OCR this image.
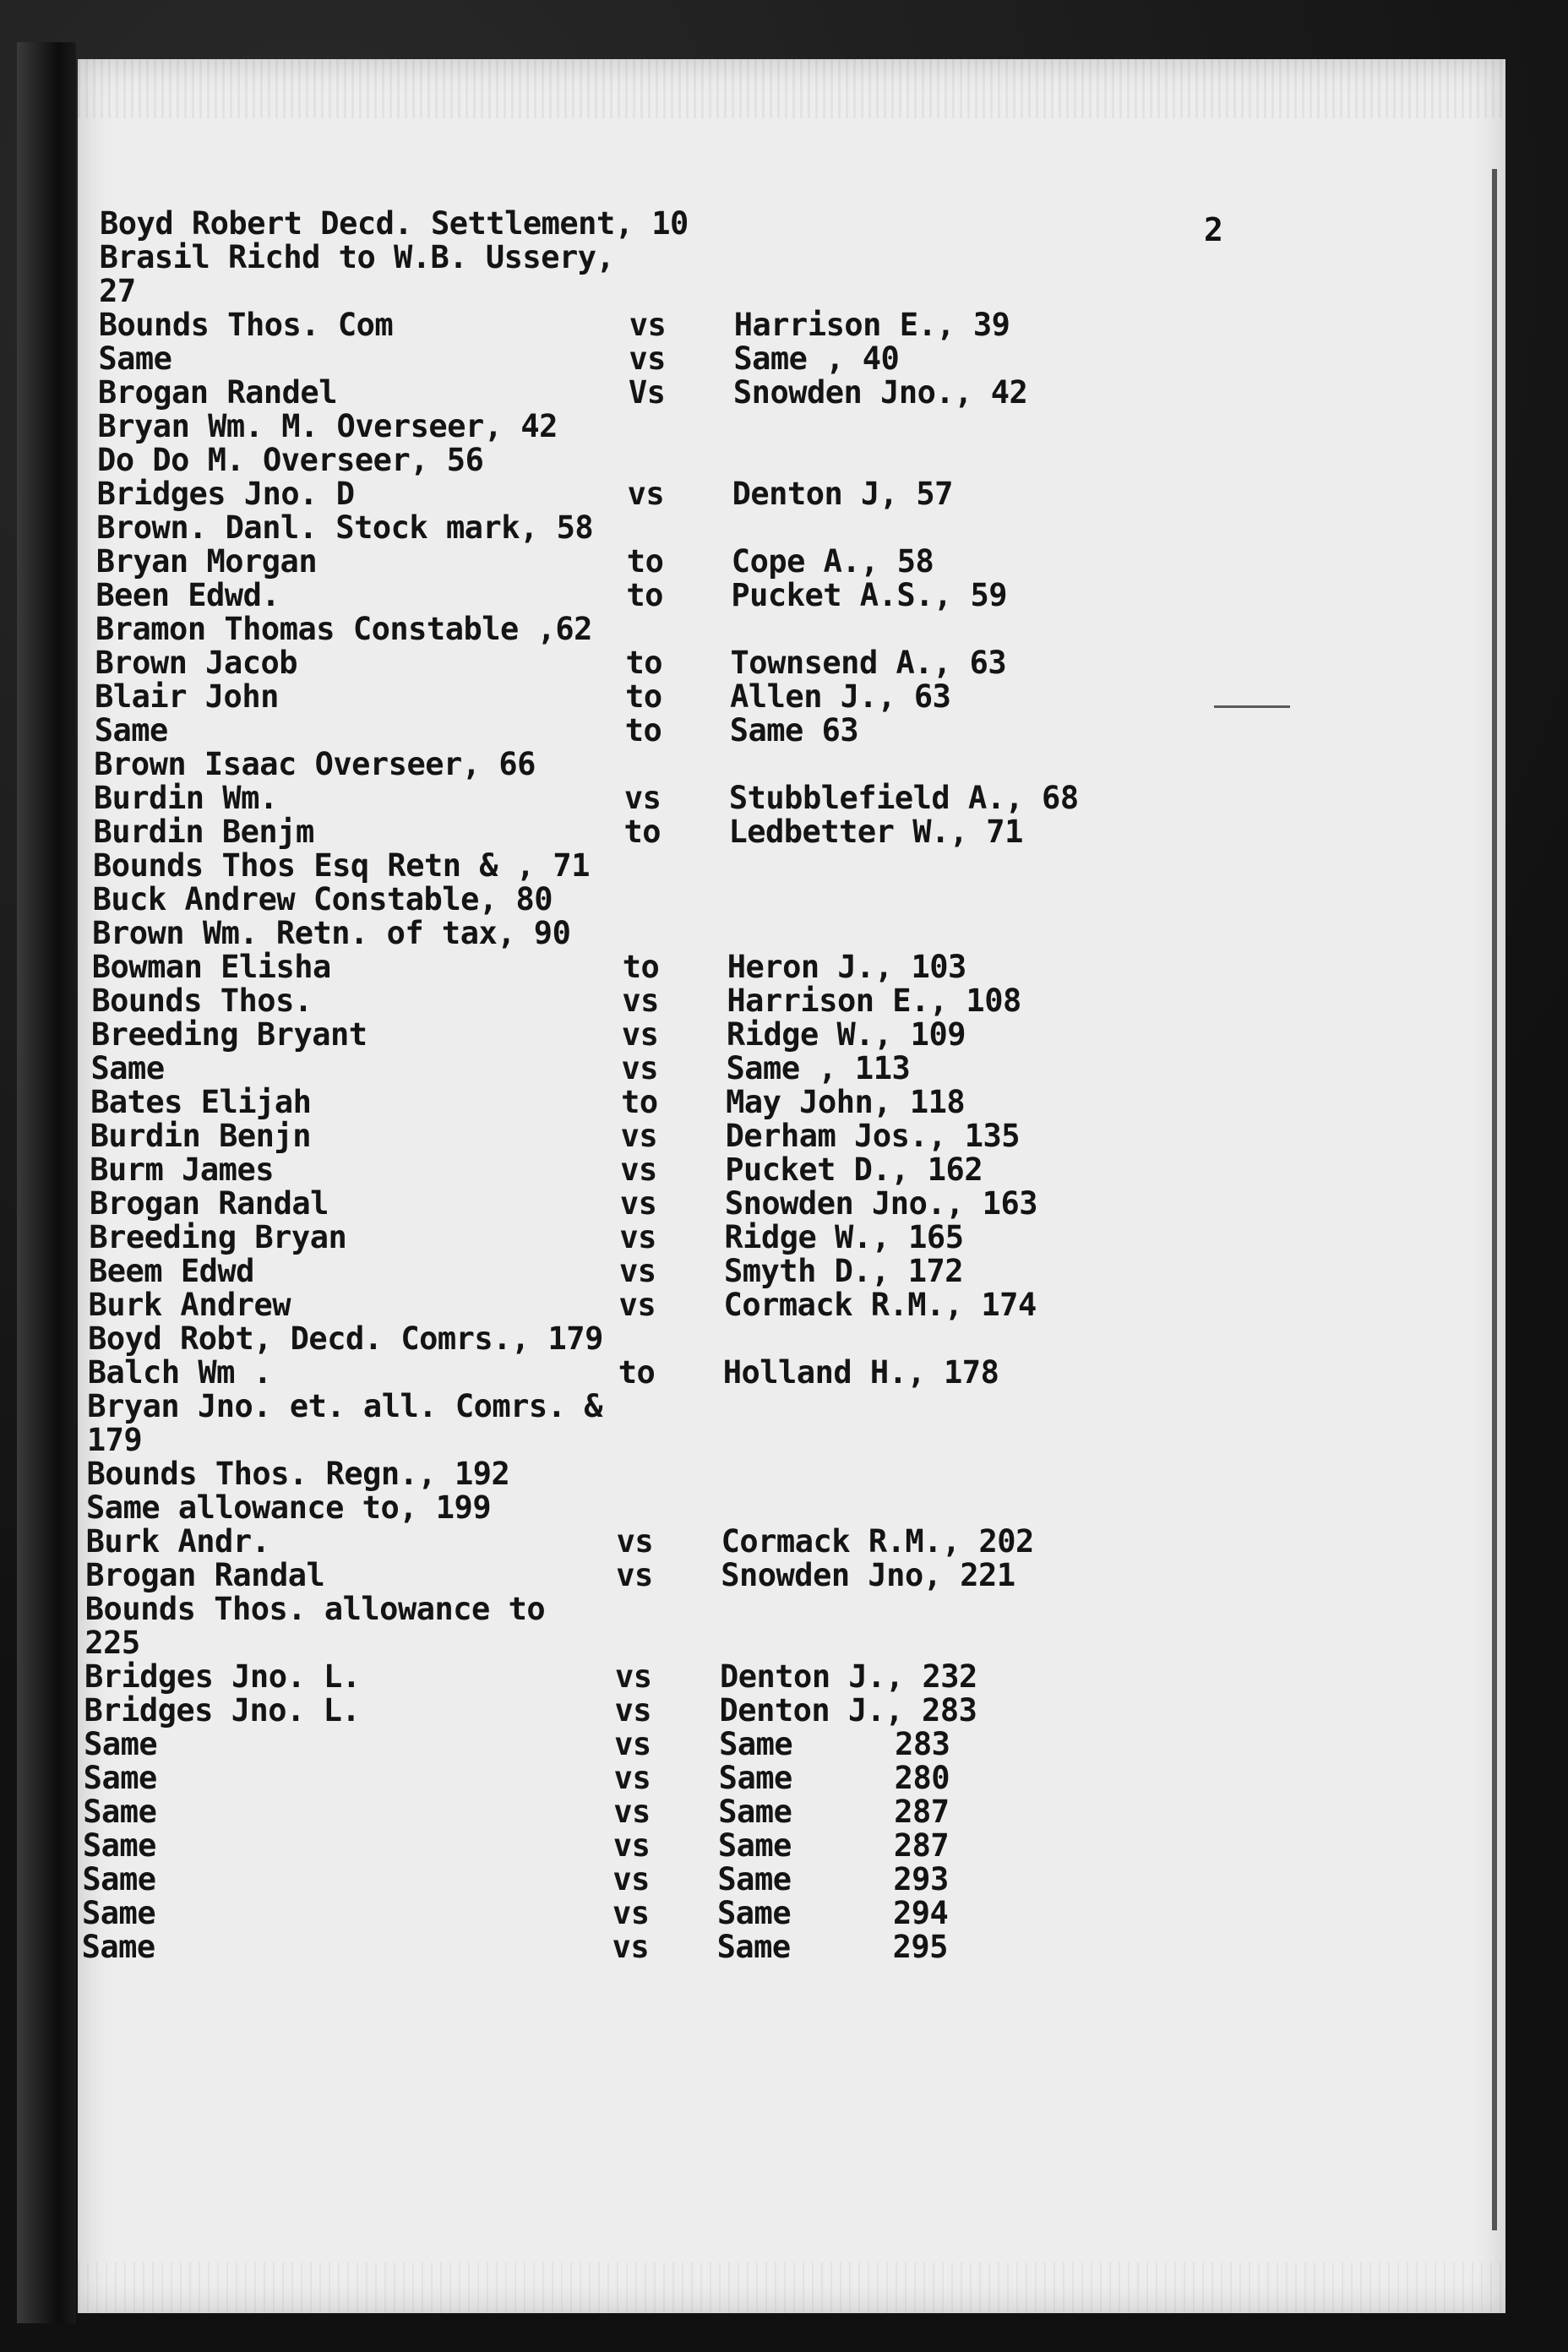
2
Boyd Robert Decd. Settlement, 10
Brasil Richd to W.B. Ussery,
27
Bounds Thos. Com	vs Harrison E., 39
Same	vs Same , 40
Brogan Randel	Vs Snowden Jno., 42
Bryan Wm. M. Overseer, 42
Do Do M. Overseer, 56
Bridges Jno. D	vs Denton J, 57
Brown. Danl. Stock mark, 58
Bryan Morgan	to Cope A., 58
Been Edwd.	to Pucket A.S., 59
Bramon Thomas Constable ,62
Brown Jacob	to Townsend A., 63
Blair John	to Allen J., 63
Same	to Same 63
Brown Isaac Overseer, 66
Burdin Wm.	vs Stubblefield A., 68
Burdin Benjm	to Ledbetter W., 71
Bounds Thos Esq Retn & , 71
Buck Andrew Constable, 80
Brown Wm. Retn. of tax, 90
Bowman Elisha	to Heron J., 103
Bounds Thos.	vs Harrison E., 108
Breeding Bryant	vs Ridge W., 109
Same	vs Same , 113
Bates Elijah	to May John, 118
Burdin Benjn	vs Derham Jos., 135
Burm James	vs Pucket D., 162
Brogan Randal	vs Snowden Jno., 163
Breeding Bryan	vs Ridge W., 165
Beem Edwd	vs Smyth D., 172
Burk Andrew	vs Cormack R.M., 174
Boyd Robt, Decd. Comrs., 179
Balch Wm .	to Holland H., 178
Bryan Jno. et. all. Comrs. &
179
Bounds Thos. Regn., 192
Same allowance to, 199
Burk Andr.	vs Cormack R.M., 202
Brogan Randal	vs Snowden Jno, 221
Bounds Thos. allowance to
225
Bridges Jno. L.	vs Denton J., 232
Bridges Jno. L.	vs Denton J., 283
Same	vs Same	283
Same	vs Same	280
Same	vs Same	287
Same	vs Same	287
Same	vs Same	293
Same	vs Same	294
Same	vs Same	295
